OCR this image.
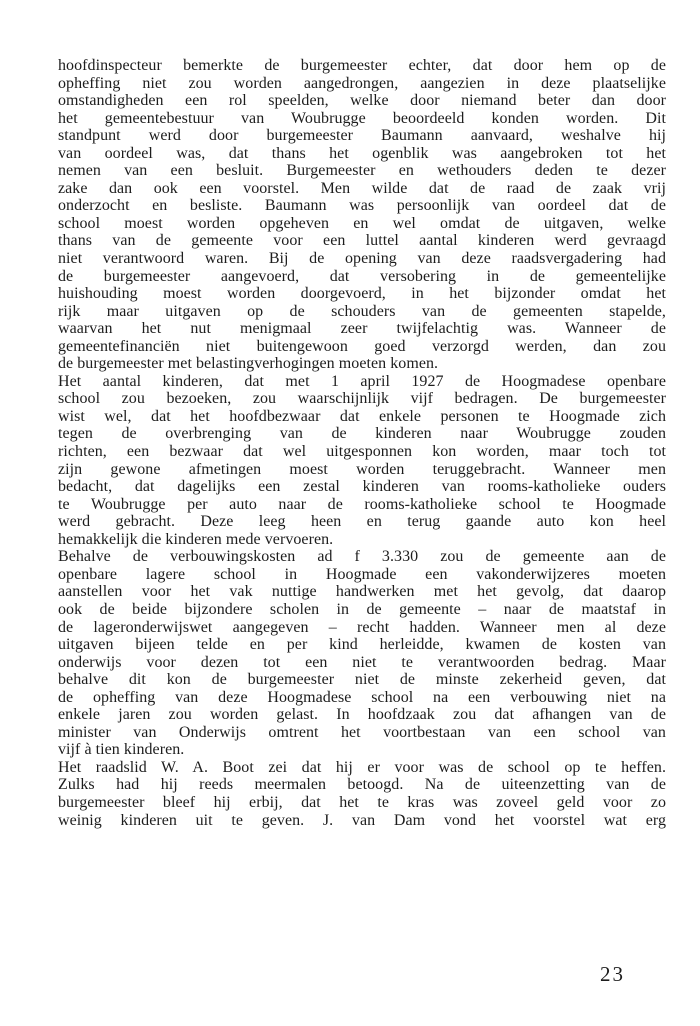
hoofdinspecteur bemerkte de burgemeester echter, dat door hem op de
opheffing niet zou worden aangedrongen, aangezien in deze plaatselijke
omstandigheden een rol speelden, welke door niemand beter dan door
het gemeentebestuur van Woubrugge beoordeeld konden worden. Dit
standpunt werd door burgemeester Baumann aanvaard, weshalve hij
van oordeel was, dat thans het ogenblik was aangebroken tot het
nemen van een besluit. Burgemeester en wethouders deden te dezer
zake dan ook een voorstel. Men wilde dat de raad de zaak vrij
onderzocht en besliste. Baumann was persoonlijk van oordeel dat de
school moest worden opgeheven en wel omdat de uitgaven, welke
thans van de gemeente voor een luttel aantal kinderen werd gevraagd
niet verantwoord waren. Bij de opening van deze raadsvergadering had
de burgemeester aangevoerd, dat versobering in de gemeentelijke
huishouding moest worden doorgevoerd, in het bijzonder omdat het
rijk maar uitgaven op de schouders van de gemeenten stapelde,
waarvan het nut menigmaal zeer twijfelachtig was. Wanneer de
gemeentefinanciën niet buitengewoon goed verzorgd werden, dan zou
de burgemeester met belastingverhogingen moeten komen.
Het aantal kinderen, dat met 1 april 1927 de Hoogmadese openbare
school zou bezoeken, zou waarschijnlijk vijf bedragen. De burgemeester
wist wel, dat het hoofdbezwaar dat enkele personen te Hoogmade zich
tegen de overbrenging van de kinderen naar Woubrugge zouden
richten, een bezwaar dat wel uitgesponnen kon worden, maar toch tot
zijn gewone afmetingen moest worden teruggebracht. Wanneer men
bedacht, dat dagelijks een zestal kinderen van rooms-katholieke ouders
te Woubrugge per auto naar de rooms-katholieke school te Hoogmade
werd gebracht. Deze leeg heen en terug gaande auto kon heel
hemakkelijk die kinderen mede vervoeren.
Behalve de verbouwingskosten ad f 3.330 zou de gemeente aan de
openbare lagere school in Hoogmade een vakonderwijzeres moeten
aanstellen voor het vak nuttige handwerken met het gevolg, dat daarop
ook de beide bijzondere scholen in de gemeente – naar de maatstaf in
de lageronderwijswet aangegeven – recht hadden. Wanneer men al deze
uitgaven bijeen telde en per kind herleidde, kwamen de kosten van
onderwijs voor dezen tot een niet te verantwoorden bedrag. Maar
behalve dit kon de burgemeester niet de minste zekerheid geven, dat
de opheffing van deze Hoogmadese school na een verbouwing niet na
enkele jaren zou worden gelast. In hoofdzaak zou dat afhangen van de
minister van Onderwijs omtrent het voortbestaan van een school van
vijf à tien kinderen.
Het raadslid W. A. Boot zei dat hij er voor was de school op te heffen.
Zulks had hij reeds meermalen betoogd. Na de uiteenzetting van de
burgemeester bleef hij erbij, dat het te kras was zoveel geld voor zo
weinig kinderen uit te geven. J. van Dam vond het voorstel wat erg
23
